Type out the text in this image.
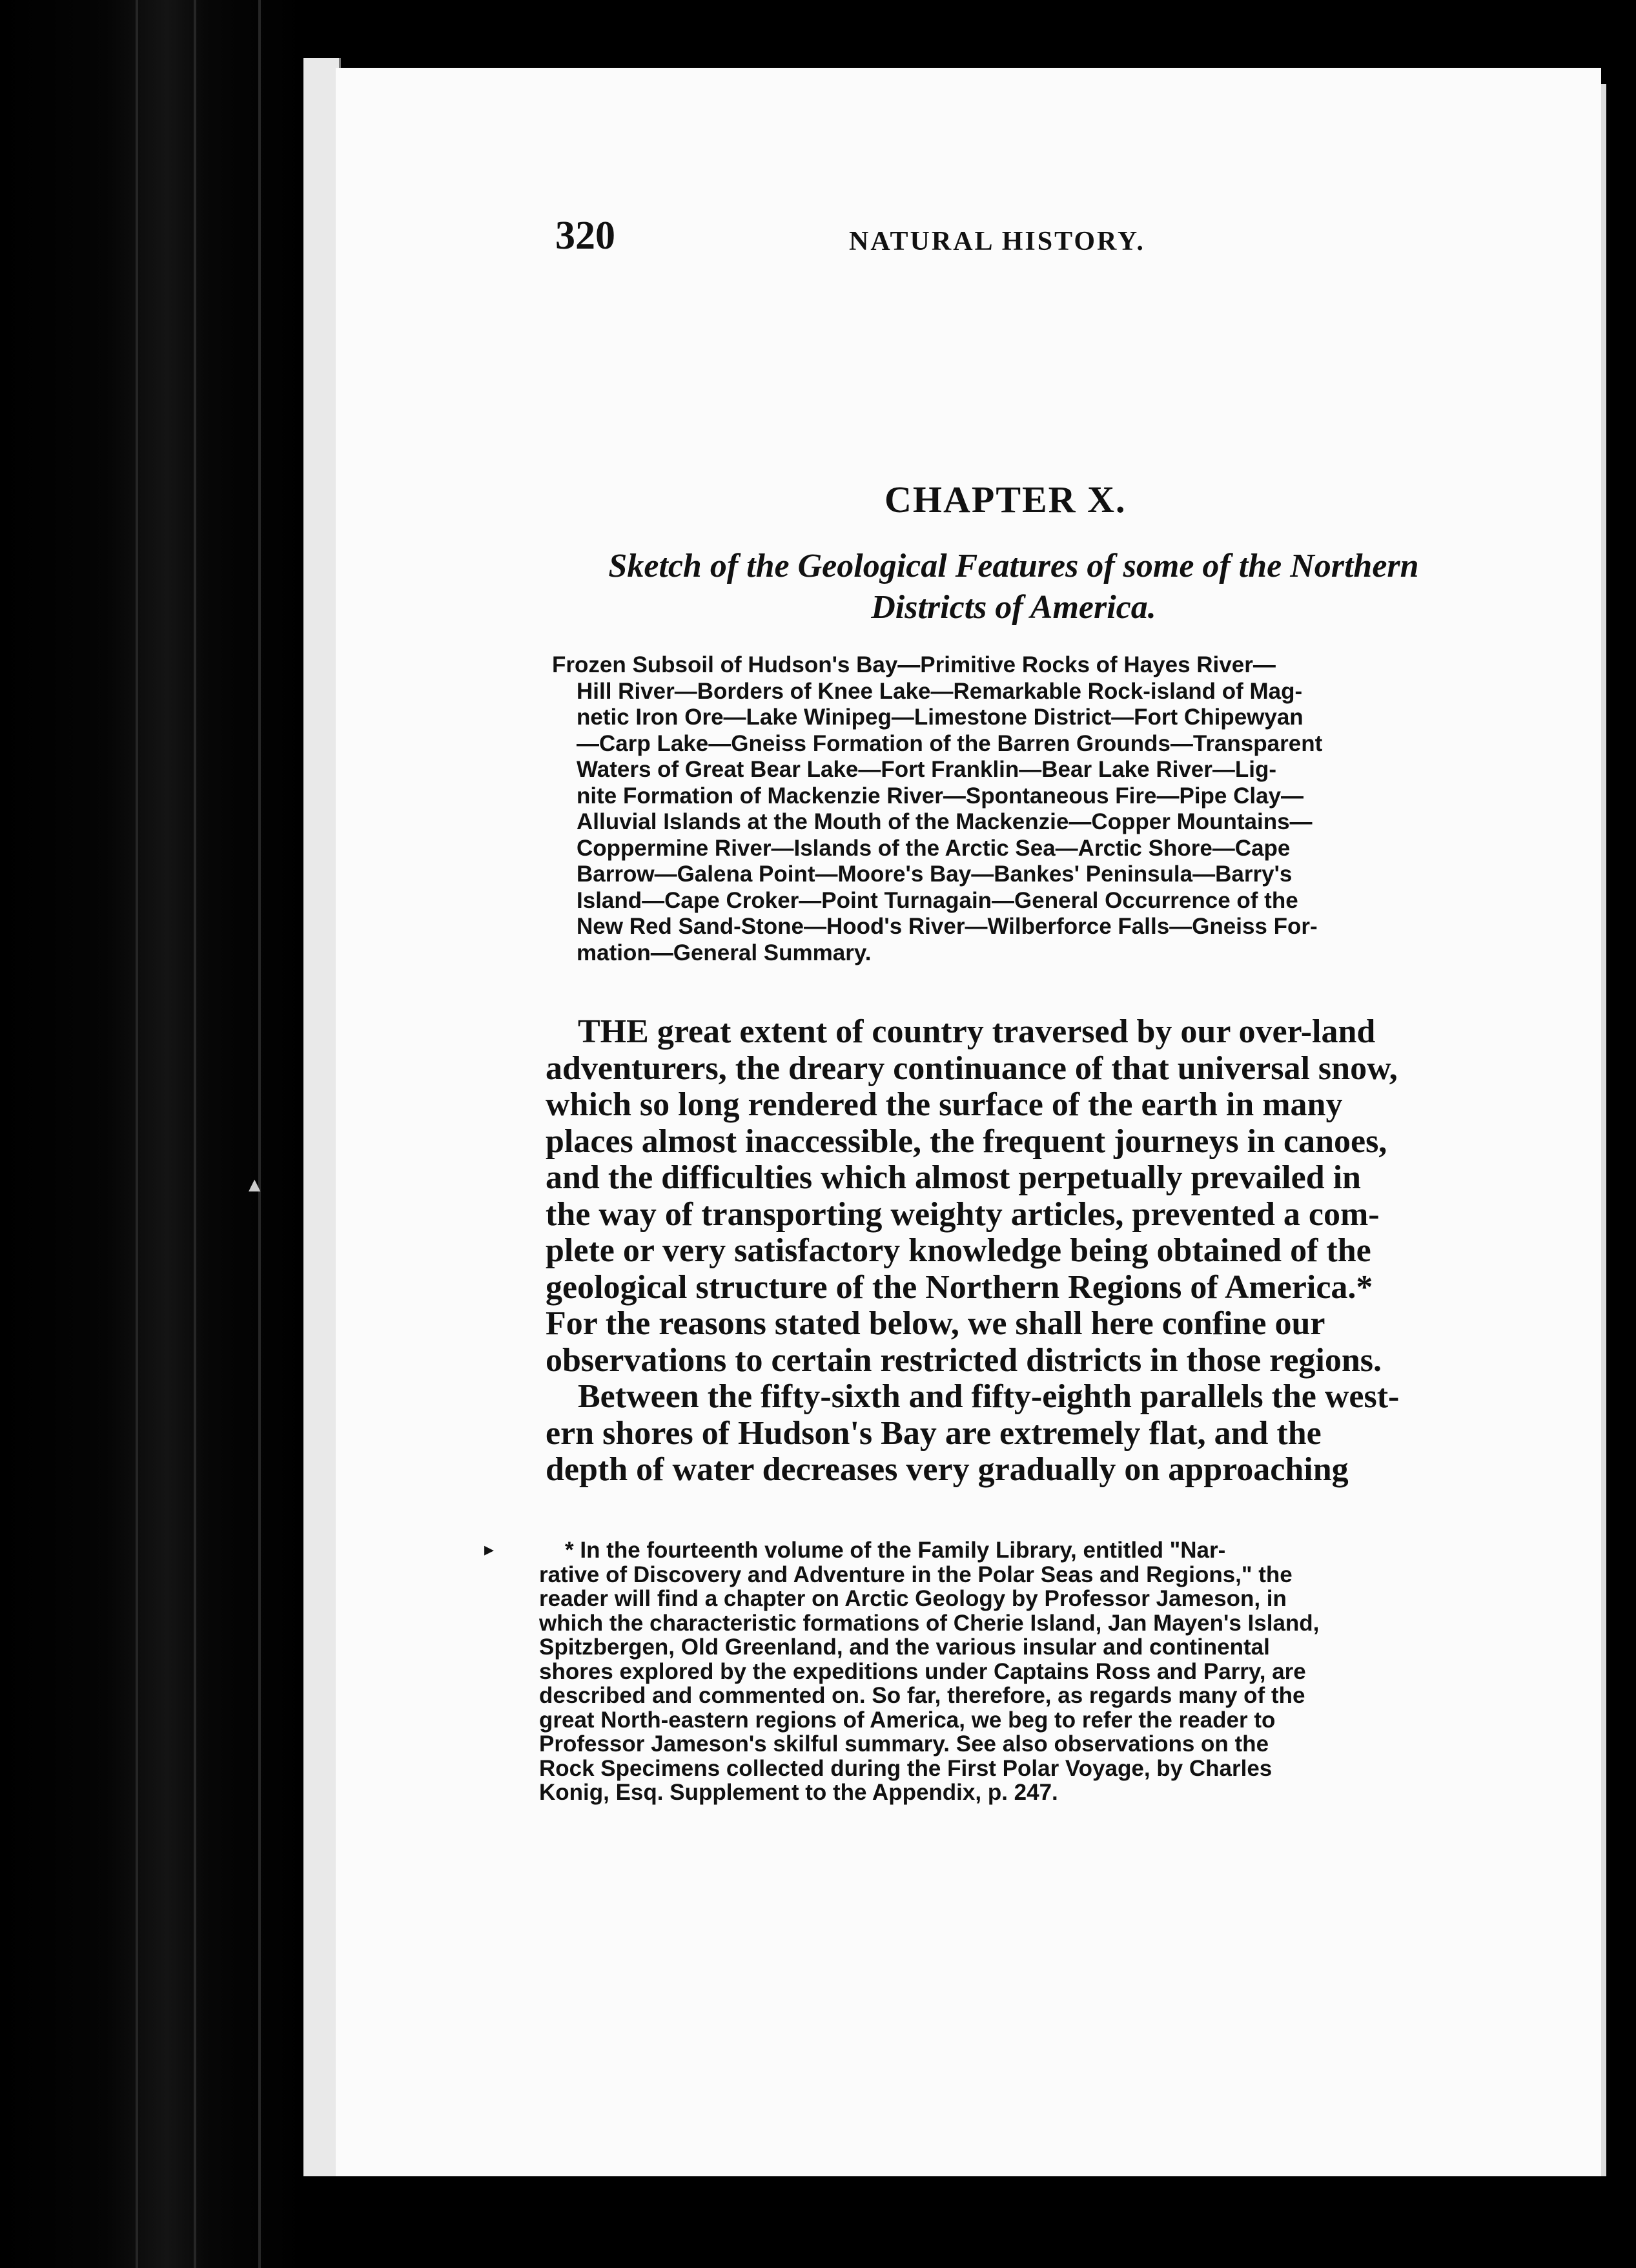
320	NATURAL HISTORY.
CHAPTER X.
Sketch of the Geological Features of some of the Northern Districts of America.
Frozen Subsoil of Hudson's Bay—Primitive Rocks of Hayes River—
Hill River—Borders of Knee Lake—Remarkable Rock-island of Mag-
netic Iron Ore—Lake Winipeg—Limestone District—Fort Chipewyan
—Carp Lake—Gneiss Formation of the Barren Grounds—Transparent
Waters of Great Bear Lake—Fort Franklin—Bear Lake River—Lig-
nite Formation of Mackenzie River—Spontaneous Fire—Pipe Clay—
Alluvial Islands at the Mouth of the Mackenzie—Copper Mountains—
Coppermine River—Islands of the Arctic Sea—Arctic Shore—Cape
Barrow—Galena Point—Moore's Bay—Bankes' Peninsula—Barry's
Island—Cape Croker—Point Turnagain—General Occurrence of the
New Red Sand-Stone—Hood's River—Wilberforce Falls—Gneiss For-
mation—General Summary.
THE great extent of country traversed by our over-land
adventurers, the dreary continuance of that universal snow,
which so long rendered the surface of the earth in many
places almost inaccessible, the frequent journeys in canoes,
and the difficulties which almost perpetually prevailed in
the way of transporting weighty articles, prevented a com-
plete or very satisfactory knowledge being obtained of the
geological structure of the Northern Regions of America.*
For the reasons stated below, we shall here confine our
observations to certain restricted districts in those regions.
Between the fifty-sixth and fifty-eighth parallels the west-
ern shores of Hudson's Bay are extremely flat, and the
depth of water decreases very gradually on approaching
▸	* In the fourteenth volume of the Family Library, entitled "Nar-
rative of Discovery and Adventure in the Polar Seas and Regions," the
reader will find a chapter on Arctic Geology by Professor Jameson, in
which the characteristic formations of Cherie Island, Jan Mayen's Island,
Spitzbergen, Old Greenland, and the various insular and continental
shores explored by the expeditions under Captains Ross and Parry, are
described and commented on. So far, therefore, as regards many of the
great North-eastern regions of America, we beg to refer the reader to
Professor Jameson's skilful summary. See also observations on the
Rock Specimens collected during the First Polar Voyage, by Charles
Konig, Esq. Supplement to the Appendix, p. 247.
▲
